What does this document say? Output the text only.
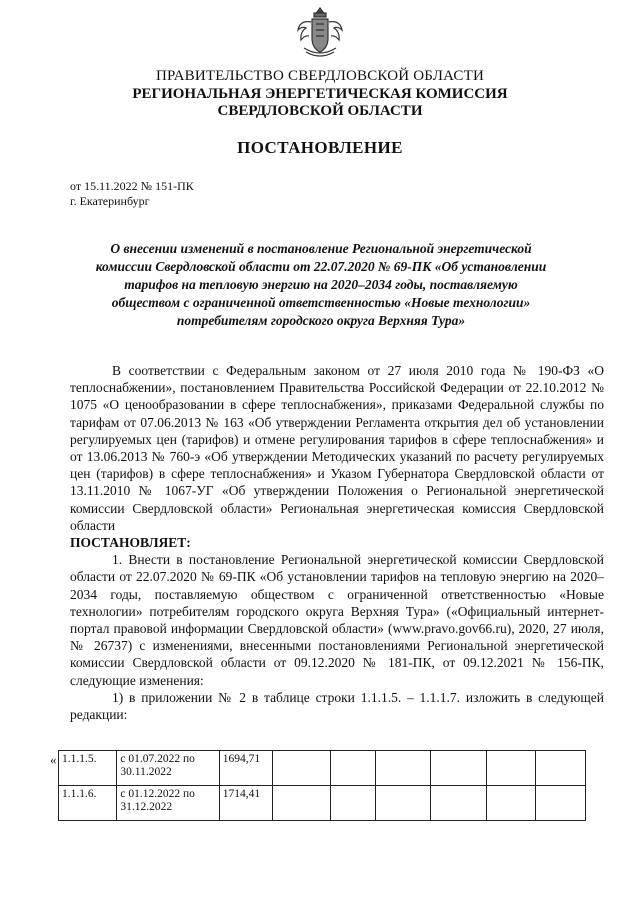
ПРАВИТЕЛЬСТВО СВЕРДЛОВСКОЙ ОБЛАСТИ
РЕГИОНАЛЬНАЯ ЭНЕРГЕТИЧЕСКАЯ КОМИССИЯ
СВЕРДЛОВСКОЙ ОБЛАСТИ
ПОСТАНОВЛЕНИЕ
от 15.11.2022 № 151-ПК
г. Екатеринбург
О внесении изменений в постановление Региональной энергетической комиссии Свердловской области от 22.07.2020 № 69-ПК «Об установлении тарифов на тепловую энергию на 2020–2034 годы, поставляемую обществом с ограниченной ответственностью «Новые технологии» потребителям городского округа Верхняя Тура»

В соответствии с Федеральным законом от 27 июля 2010 года № 190-ФЗ «О теплоснабжении», постановлением Правительства Российской Федерации от 22.10.2012 № 1075 «О ценообразовании в сфере теплоснабжения», приказами Федеральной службы по тарифам от 07.06.2013 № 163 «Об утверждении Регламента открытия дел об установлении регулируемых цен (тарифов) и отмене регулирования тарифов в сфере теплоснабжения» и от 13.06.2013 № 760-э «Об утверждении Методических указаний по расчету регулируемых цен (тарифов) в сфере теплоснабжения» и Указом Губернатора Свердловской области от 13.11.2010 № 1067-УГ «Об утверждении Положения о Региональной энергетической комиссии Свердловской области» Региональная энергетическая комиссия Свердловской области

ПОСТАНОВЛЯЕТ:

1. Внести в постановление Региональной энергетической комиссии Свердловской области от 22.07.2020 № 69-ПК «Об установлении тарифов на тепловую энергию на 2020–2034 годы, поставляемую обществом с ограниченной ответственностью «Новые технологии» потребителям городского округа Верхняя Тура» («Официальный интернет-портал правовой информации Свердловской области» (www.pravo.gov66.ru), 2020, 27 июля, № 26737) с изменениями, внесенными постановлениями Региональной энергетической комиссии Свердловской области от 09.12.2020 № 181-ПК, от 09.12.2021 № 156-ПК, следующие изменения:

1) в приложении № 2 в таблице строки 1.1.1.5. – 1.1.1.7. изложить в следующей редакции:

« 1.1.1.5.	с 01.07.2022 по 30.11.2022	1694,71						
1.1.1.6.	с 01.12.2022 по 31.12.2022	1714,41						
